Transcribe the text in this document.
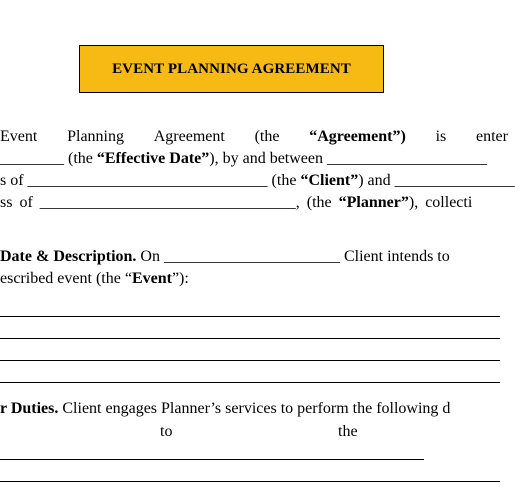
EVENT PLANNING AGREEMENT
Event Planning Agreement (the “Agreement”) is enter
________ (the “Effective Date”), by and between ____________________
s of ______________________________ (the “Client”) and _______________
ss of ________________________________, (the “Planner”), collecti
Date & Description. On ______________________ Client intends to
escribed event (the “Event”):
r Duties. Client engages Planner’s services to perform the following d
to	the
